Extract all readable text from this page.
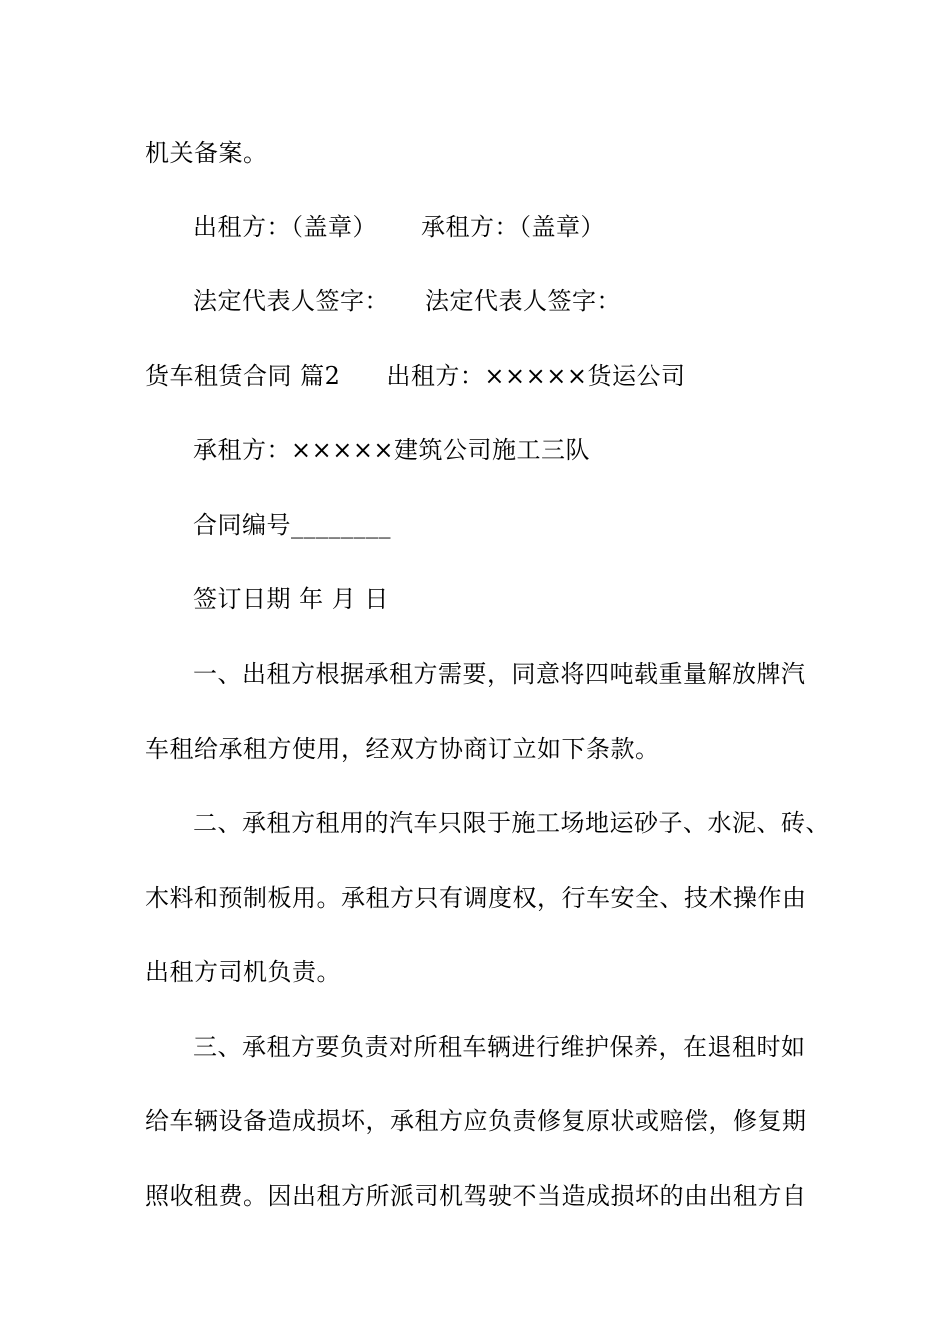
机关备案。
出租方：（盖章） 承租方：（盖章）
法定代表人签字： 法定代表人签字：
货车租赁合同 篇2 出租方：×××××货运公司
承租方：×××××建筑公司施工三队
合同编号________
签订日期 年 月 日
一、出租方根据承租方需要，同意将四吨载重量解放牌汽
车租给承租方使用，经双方协商订立如下条款。
二、承租方租用的汽车只限于施工场地运砂子、水泥、砖、
木料和预制板用。承租方只有调度权，行车安全、技术操作由
出租方司机负责。
三、承租方要负责对所租车辆进行维护保养，在退租时如
给车辆设备造成损坏，承租方应负责修复原状或赔偿，修复期
照收租费。因出租方所派司机驾驶不当造成损坏的由出租方自
